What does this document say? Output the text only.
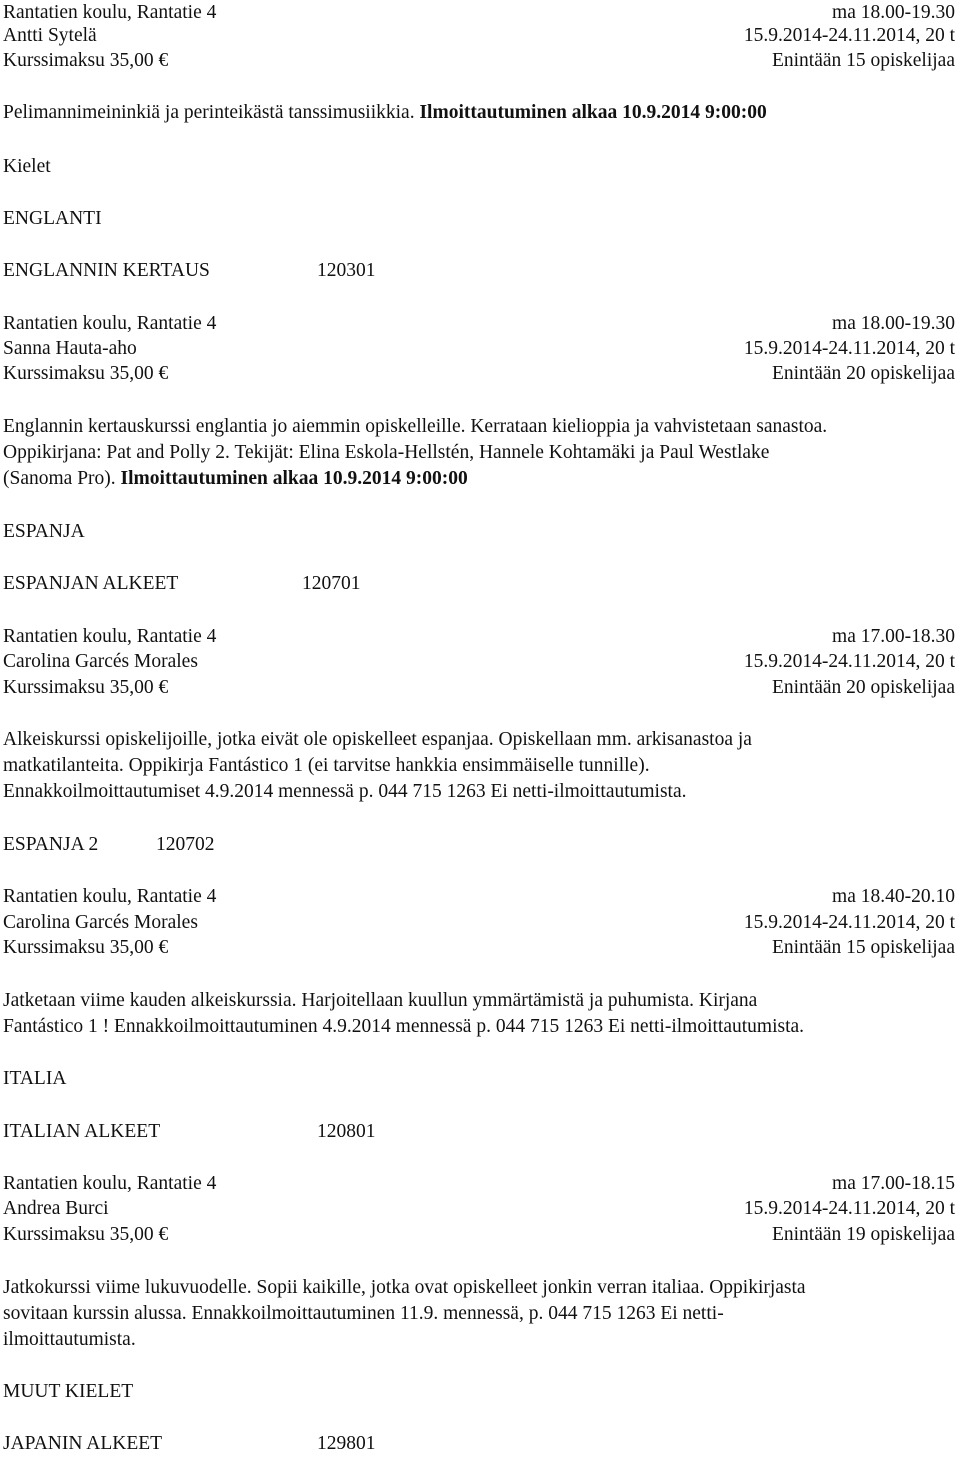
Rantatien koulu, Rantatie 4	ma 18.00-19.30
Antti Sytelä	15.9.2014-24.11.2014, 20 t
Kurssimaksu 35,00 €	Enintään 15 opiskelijaa
Pelimannimeininkiä ja perinteikästä tanssimusiikkia. Ilmoittautuminen alkaa 10.9.2014 9:00:00
Kielet
ENGLANTI
ENGLANNIN KERTAUS	120301
Rantatien koulu, Rantatie 4	ma 18.00-19.30
Sanna Hauta-aho	15.9.2014-24.11.2014, 20 t
Kurssimaksu 35,00 €	Enintään 20 opiskelijaa
Englannin kertauskurssi englantia jo aiemmin opiskelleille. Kerrataan kielioppia ja vahvistetaan sanastoa.
Oppikirjana: Pat and Polly 2. Tekijät: Elina Eskola-Hellstén, Hannele Kohtamäki ja Paul Westlake
(Sanoma Pro). Ilmoittautuminen alkaa 10.9.2014 9:00:00
ESPANJA
ESPANJAN ALKEET	120701
Rantatien koulu, Rantatie 4	ma 17.00-18.30
Carolina Garcés Morales	15.9.2014-24.11.2014, 20 t
Kurssimaksu 35,00 €	Enintään 20 opiskelijaa
Alkeiskurssi opiskelijoille, jotka eivät ole opiskelleet espanjaa. Opiskellaan mm. arkisanastoa ja
matkatilanteita. Oppikirja Fantástico 1 (ei tarvitse hankkia ensimmäiselle tunnille).
Ennakkoilmoittautumiset 4.9.2014 mennessä p. 044 715 1263 Ei netti-ilmoittautumista.
ESPANJA 2	120702
Rantatien koulu, Rantatie 4	ma 18.40-20.10
Carolina Garcés Morales	15.9.2014-24.11.2014, 20 t
Kurssimaksu 35,00 €	Enintään 15 opiskelijaa
Jatketaan viime kauden alkeiskurssia. Harjoitellaan kuullun ymmärtämistä ja puhumista. Kirjana
Fantástico 1 ! Ennakkoilmoittautuminen 4.9.2014 mennessä p. 044 715 1263 Ei netti-ilmoittautumista.
ITALIA
ITALIAN ALKEET	120801
Rantatien koulu, Rantatie 4	ma 17.00-18.15
Andrea Burci	15.9.2014-24.11.2014, 20 t
Kurssimaksu 35,00 €	Enintään 19 opiskelijaa
Jatkokurssi viime lukuvuodelle. Sopii kaikille, jotka ovat opiskelleet jonkin verran italiaa. Oppikirjasta
sovitaan kurssin alussa. Ennakkoilmoittautuminen 11.9. mennessä, p. 044 715 1263 Ei netti-
ilmoittautumista.
MUUT KIELET
JAPANIN ALKEET	129801
